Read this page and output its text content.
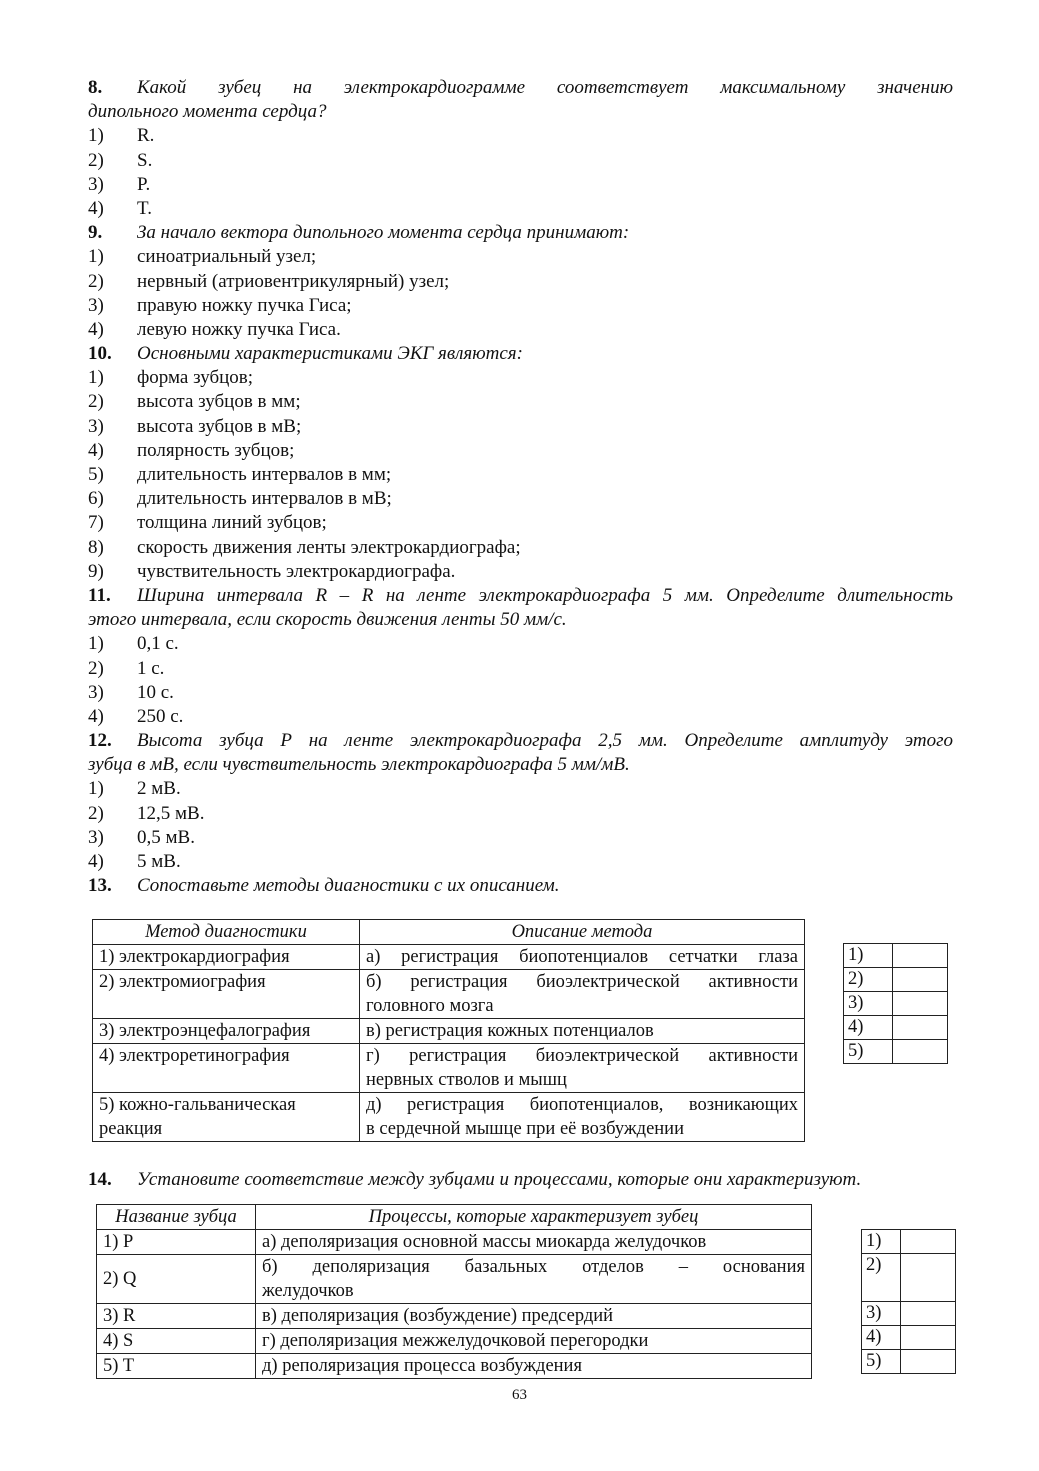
8.	Какой зубец на электрокардиограмме соответствует максимальному значению
дипольного момента сердца?
1)	R.
2)	S.
3)	P.
4)	T.
9.	За начало вектора дипольного момента сердца принимают:
1)	синоатриальный узел;
2)	нервный (атриовентрикулярный) узел;
3)	правую ножку пучка Гиса;
4)	левую ножку пучка Гиса.
10.	Основными характеристиками ЭКГ являются:
1)	форма зубцов;
2)	высота зубцов в мм;
3)	высота зубцов в мВ;
4)	полярность зубцов;
5)	длительность интервалов в мм;
6)	длительность интервалов в мВ;
7)	толщина линий зубцов;
8)	скорость движения ленты электрокардиографа;
9)	чувствительность электрокардиографа.
11.	Ширина интервала R – R на ленте электрокардиографа 5 мм. Определите длительность
этого интервала, если скорость движения ленты 50 мм/с.
1)	0,1 с.
2)	1 с.
3)	10 с.
4)	250 с.
12.	Высота зубца Р на ленте электрокардиографа 2,5 мм. Определите амплитуду этого
зубца в мВ, если чувствительность электрокардиографа 5 мм/мВ.
1)	2 мВ.
2)	12,5 мВ.
3)	0,5 мВ.
4)	5 мВ.
13.	Сопоставьте методы диагностики с их описанием.
Метод диагностики	Описание метода
1) электрокардиография	а) регистрация биопотенциалов сетчатки глаза

2) электромиография	б) регистрация биоэлектрической активности
головного мозга
3) электроэнцефалография	в) регистрация кожных потенциалов
4) электроретинография	г) регистрация биоэлектрической активности
нервных стволов и мышц

5) кожно-гальваническая
реакция	д) регистрация биопотенциалов, возникающих
в сердечной мышце при её возбуждении
1)	
2)	
3)	
4)	
5)	
14.	Установите соответствие между зубцами и процессами, которые они характеризуют.
Название зубца	Процессы, которые характеризует зубец
1) P	а) деполяризация основной массы миокарда желудочков
2) Q	б) деполяризация базальных отделов – основания
желудочков
3) R	в) деполяризация (возбуждение) предсердий
4) S	г) деполяризация межжелудочковой перегородки
5) T	д) реполяризация процесса возбуждения
1)	
2)	
3)	
4)	
5)	
63
